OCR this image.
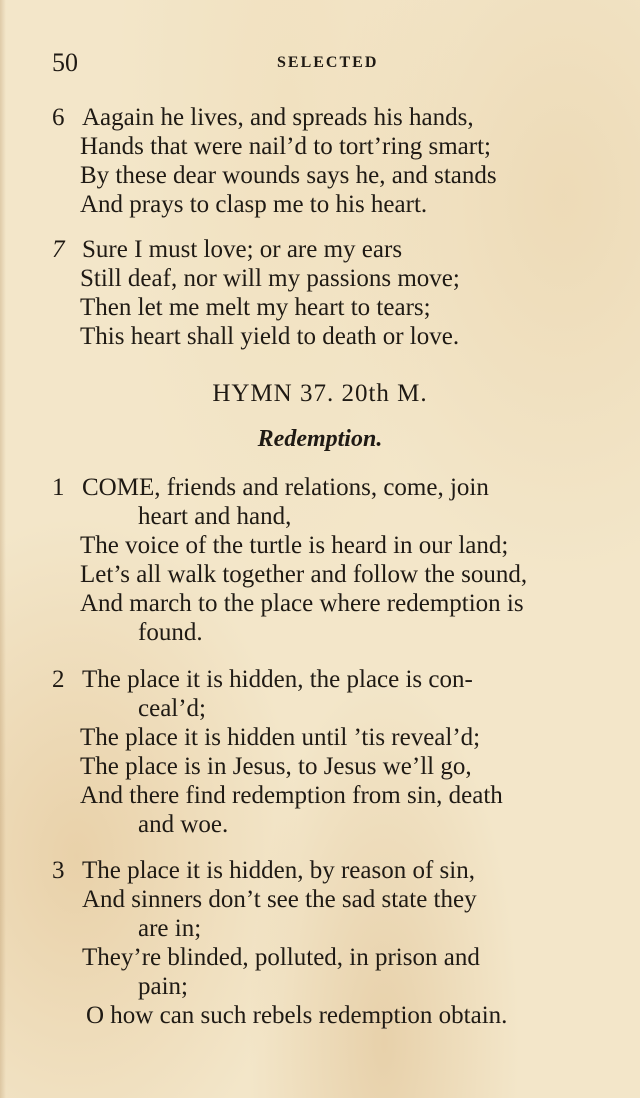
50	SELECTED
6 Aagain he lives, and spreads his hands,
Hands that were nail’d to tort’ring smart;
By these dear wounds says he, and stands
And prays to clasp me to his heart.
7 Sure I must love; or are my ears
Still deaf, nor will my passions move;
Then let me melt my heart to tears;
This heart shall yield to death or love.
HYMN 37. 20th M.
Redemption.
1 COME, friends and relations, come, join
heart and hand,
The voice of the turtle is heard in our land;
Let’s all walk together and follow the sound,
And march to the place where redemption is
found.
2 The place it is hidden, the place is con-
ceal’d;
The place it is hidden until ’tis reveal’d;
The place is in Jesus, to Jesus we’ll go,
And there find redemption from sin, death
and woe.
3 The place it is hidden, by reason of sin,
And sinners don’t see the sad state they
are in;
They’re blinded, polluted, in prison and
pain;
O how can such rebels redemption obtain.
